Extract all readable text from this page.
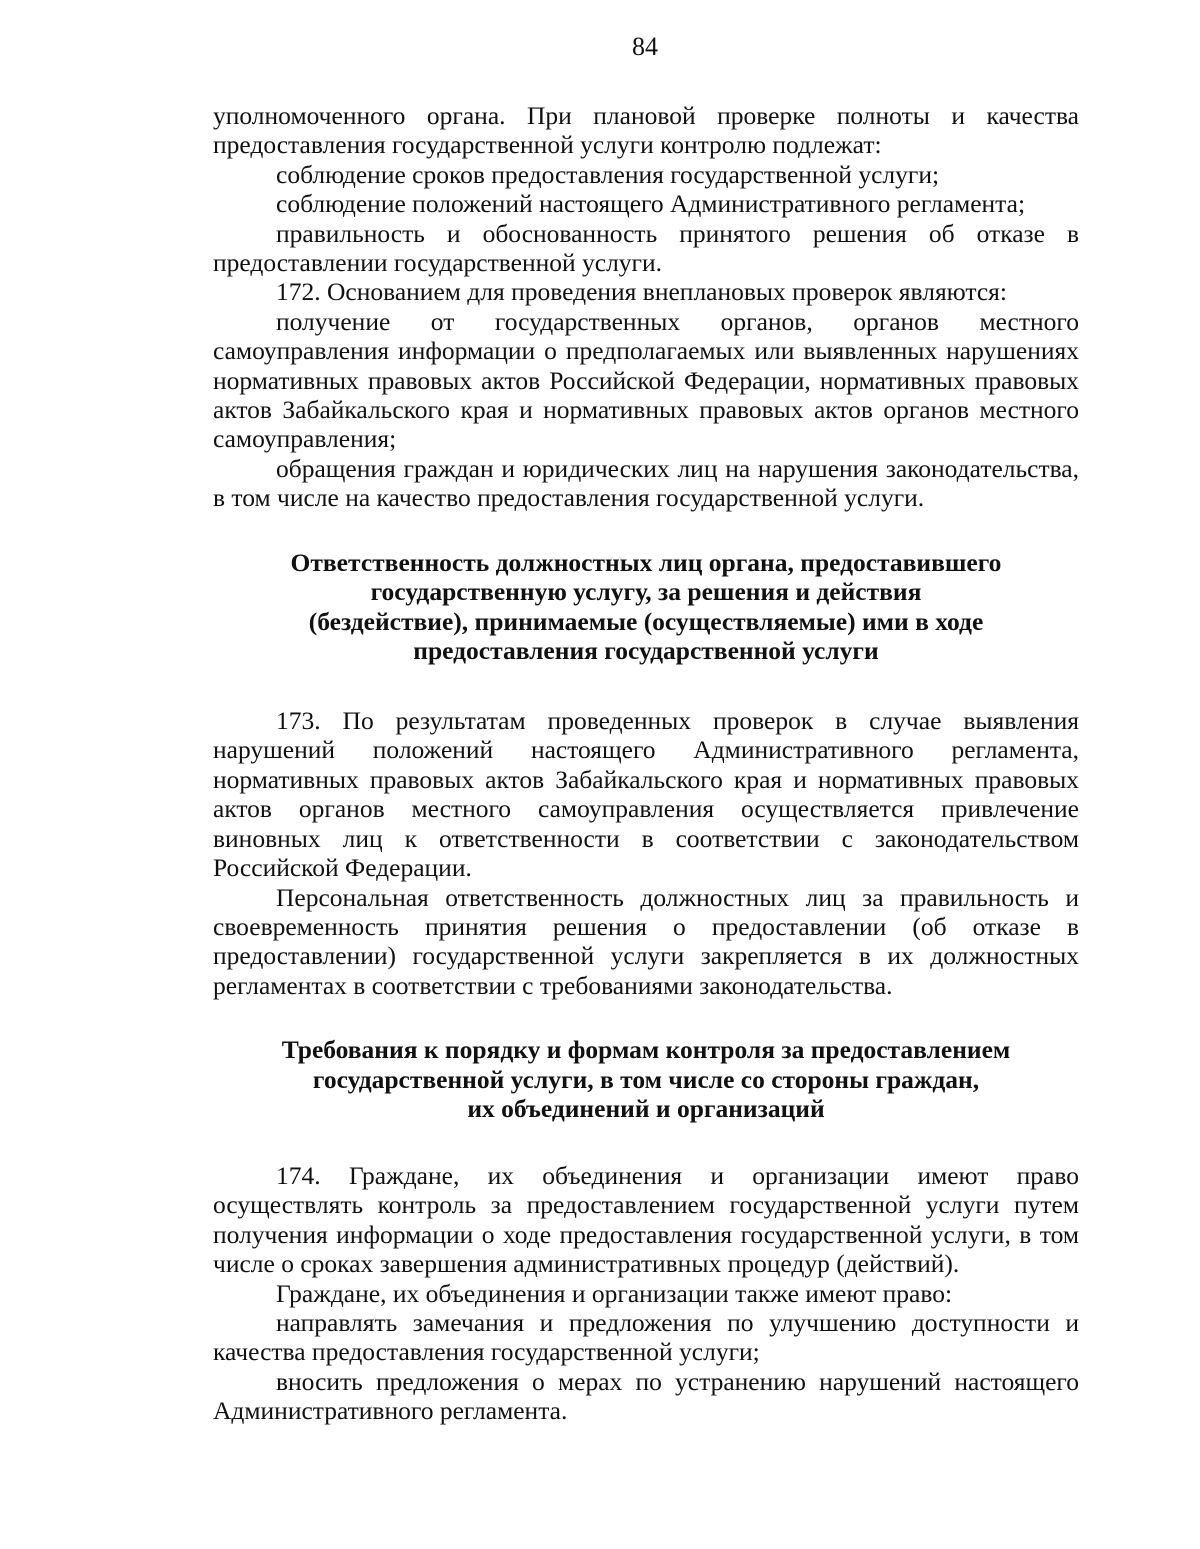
84

уполномоченного органа. При плановой проверке полноты и качества предоставления государственной услуги контролю подлежат:

соблюдение сроков предоставления государственной услуги;

соблюдение положений настоящего Административного регламента;

правильность и обоснованность принятого решения об отказе в предоставлении государственной услуги.

172. Основанием для проведения внеплановых проверок являются:

получение от государственных органов, органов местного самоуправления информации о предполагаемых или выявленных нарушениях нормативных правовых актов Российской Федерации, нормативных правовых актов Забайкальского края и нормативных правовых актов органов местного самоуправления;

обращения граждан и юридических лиц на нарушения законодательства, в том числе на качество предоставления государственной услуги.

Ответственность должностных лиц органа, предоставившего
государственную услугу, за решения и действия
(бездействие), принимаемые (осуществляемые) ими в ходе
предоставления государственной услуги

173. По результатам проведенных проверок в случае выявления нарушений положений настоящего Административного регламента, нормативных правовых актов Забайкальского края и нормативных правовых актов органов местного самоуправления осуществляется привлечение виновных лиц к ответственности в соответствии с законодательством Российской Федерации.

Персональная ответственность должностных лиц за правильность и своевременность принятия решения о предоставлении (об отказе в предоставлении) государственной услуги закрепляется в их должностных регламентах в соответствии с требованиями законодательства.

Требования к порядку и формам контроля за предоставлением
государственной услуги, в том числе со стороны граждан,
их объединений и организаций

174. Граждане, их объединения и организации имеют право осуществлять контроль за предоставлением государственной услуги путем получения информации о ходе предоставления государственной услуги, в том числе о сроках завершения административных процедур (действий).

Граждане, их объединения и организации также имеют право:

направлять замечания и предложения по улучшению доступности и качества предоставления государственной услуги;

вносить предложения о мерах по устранению нарушений настоящего Административного регламента.
